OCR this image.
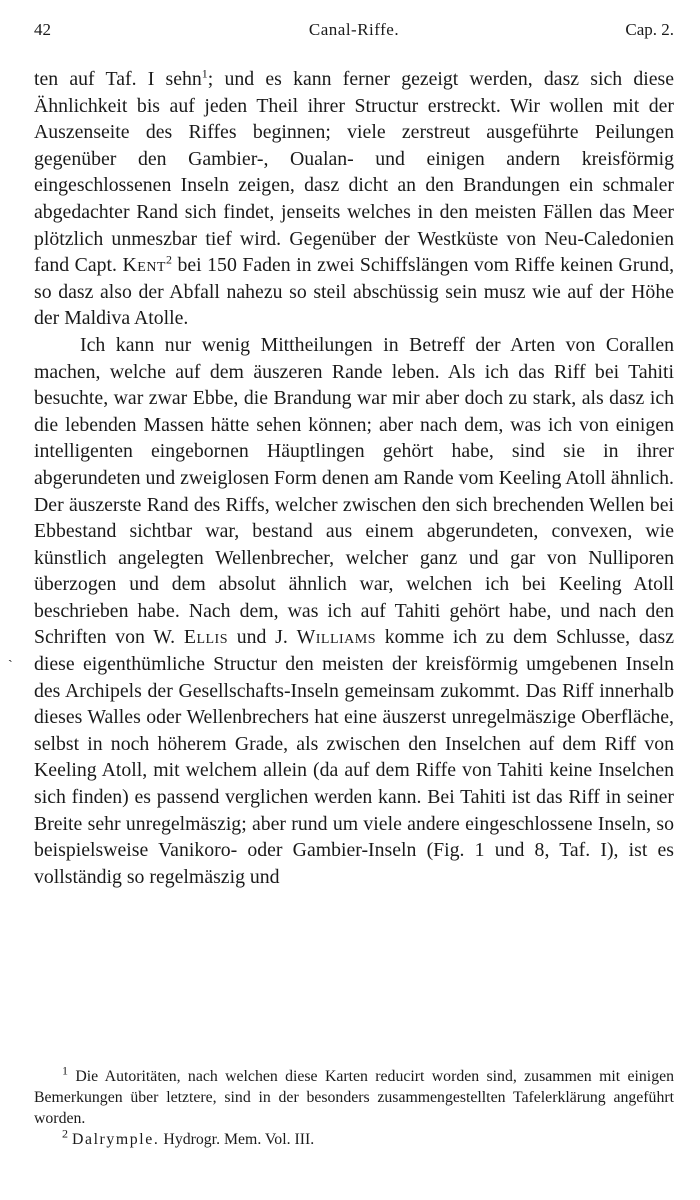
42	Canal-Riffe.	Cap. 2.
ˎ

ten auf Taf. I sehn$^1$; und es kann ferner gezeigt werden, dasz sich diese Ähnlichkeit bis auf jeden Theil ihrer Structur erstreckt. Wir wollen mit der Auszenseite des Riffes beginnen; viele zerstreut ausgeführte Peilungen gegenüber den Gambier-, Oualan- und einigen andern kreisförmig eingeschlossenen Inseln zeigen, dasz dicht an den Brandungen ein schmaler abgedachter Rand sich findet, jenseits welches in den meisten Fällen das Meer plötzlich unmeszbar tief wird. Gegenüber der Westküste von Neu-Caledonien fand Capt. Kent$^2$ bei 150 Faden in zwei Schiffslängen vom Riffe keinen Grund, so dasz also der Abfall nahezu so steil abschüssig sein musz wie auf der Höhe der Maldiva Atolle.

Ich kann nur wenig Mittheilungen in Betreff der Arten von Corallen machen, welche auf dem äuszeren Rande leben. Als ich das Riff bei Tahiti besuchte, war zwar Ebbe, die Brandung war mir aber doch zu stark, als dasz ich die lebenden Massen hätte sehen können; aber nach dem, was ich von einigen intelligenten eingebornen Häuptlingen gehört habe, sind sie in ihrer abgerundeten und zweiglosen Form denen am Rande vom Keeling Atoll ähnlich. Der äuszerste Rand des Riffs, welcher zwischen den sich brechenden Wellen bei Ebbestand sichtbar war, bestand aus einem abgerundeten, convexen, wie künstlich angelegten Wellenbrecher, welcher ganz und gar von Nulliporen überzogen und dem absolut ähnlich war, welchen ich bei Keeling Atoll beschrieben habe. Nach dem, was ich auf Tahiti gehört habe, und nach den Schriften von W. Ellis und J. Williams komme ich zu dem Schlusse, dasz diese eigenthümliche Structur den meisten der kreisförmig umgebenen Inseln des Archipels der Gesellschafts-Inseln gemeinsam zukommt. Das Riff innerhalb dieses Walles oder Wellenbrechers hat eine äuszerst unregelmäszige Oberfläche, selbst in noch höherem Grade, als zwischen den Inselchen auf dem Riff von Keeling Atoll, mit welchem allein (da auf dem Riffe von Tahiti keine Inselchen sich finden) es passend verglichen werden kann. Bei Tahiti ist das Riff in seiner Breite sehr unregelmäszig; aber rund um viele andere eingeschlossene Inseln, so beispielsweise Vanikoro- oder Gambier-Inseln (Fig. 1 und 8, Taf. I), ist es vollständig so regelmäszig und

$^1$ Die Autoritäten, nach welchen diese Karten reducirt worden sind, zusammen mit einigen Bemerkungen über letztere, sind in der besonders zusammengestellten Tafelerklärung angeführt worden.

$^2$ Dalrymple. Hydrogr. Mem. Vol. III.
